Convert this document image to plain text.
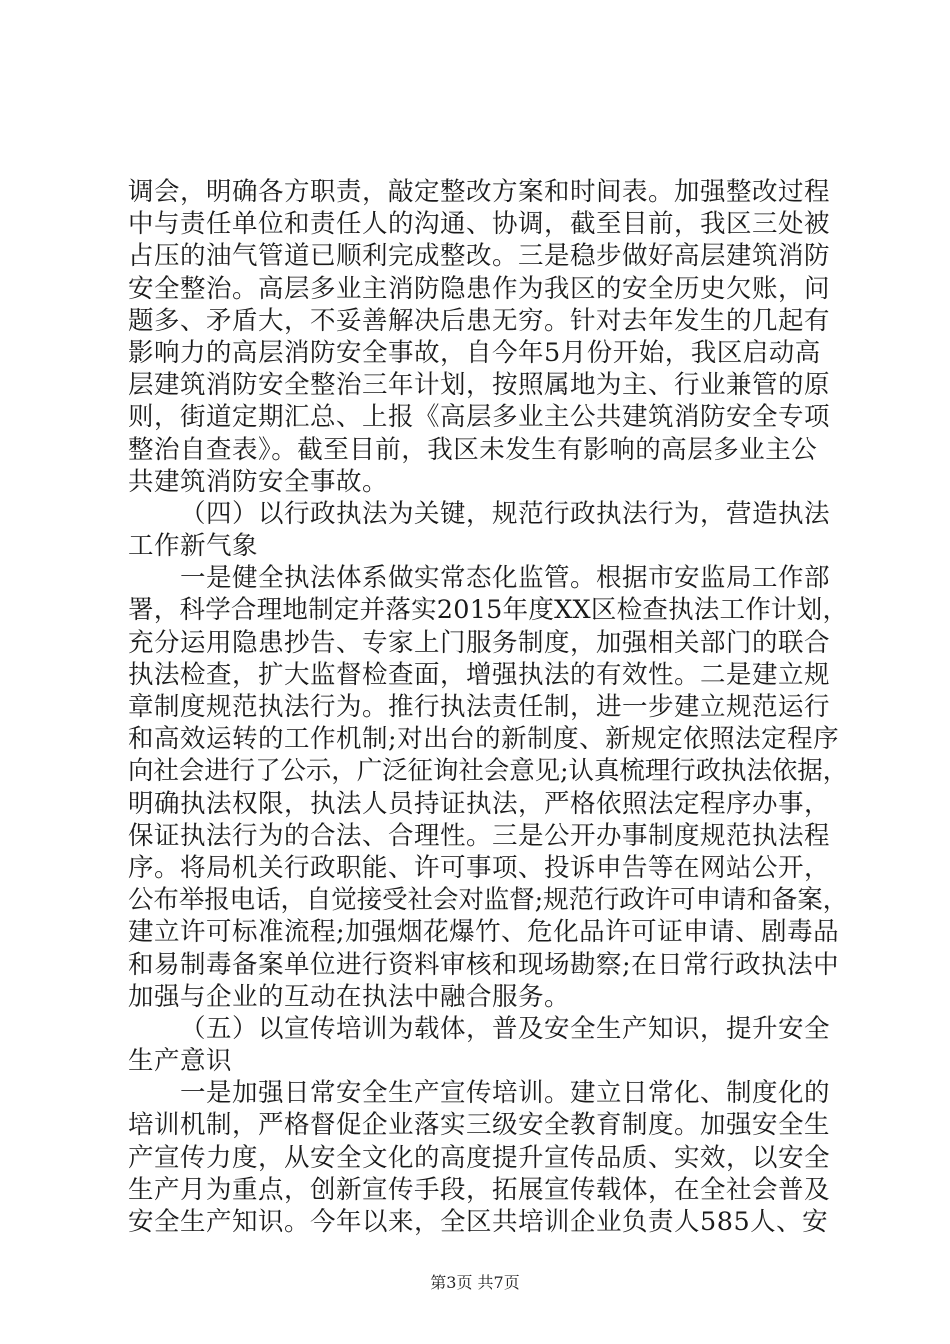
调会，明确各方职责，敲定整改方案和时间表。加强整改过程
中与责任单位和责任人的沟通、协调，截至目前，我区三处被
占压的油气管道已顺利完成整改。三是稳步做好高层建筑消防
安全整治。高层多业主消防隐患作为我区的安全历史欠账，问
题多、矛盾大，不妥善解决后患无穷。针对去年发生的几起有
影响力的高层消防安全事故，自今年5月份开始，我区启动高
层建筑消防安全整治三年计划，按照属地为主、行业兼管的原
则，街道定期汇总、上报《高层多业主公共建筑消防安全专项
整治自查表》。截至目前，我区未发生有影响的高层多业主公
共建筑消防安全事故。
（四）以行政执法为关键，规范行政执法行为，营造执法
工作新气象
一是健全执法体系做实常态化监管。根据市安监局工作部
署，科学合理地制定并落实2015年度XX区检查执法工作计划，
充分运用隐患抄告、专家上门服务制度，加强相关部门的联合
执法检查，扩大监督检查面，增强执法的有效性。二是建立规
章制度规范执法行为。推行执法责任制，进一步建立规范运行
和高效运转的工作机制;对出台的新制度、新规定依照法定程序
向社会进行了公示，广泛征询社会意见;认真梳理行政执法依据，
明确执法权限，执法人员持证执法，严格依照法定程序办事，
保证执法行为的合法、合理性。三是公开办事制度规范执法程
序。将局机关行政职能、许可事项、投诉申告等在网站公开，
公布举报电话，自觉接受社会对监督;规范行政许可申请和备案，
建立许可标准流程;加强烟花爆竹、危化品许可证申请、剧毒品
和易制毒备案单位进行资料审核和现场勘察;在日常行政执法中
加强与企业的互动在执法中融合服务。
（五）以宣传培训为载体，普及安全生产知识，提升安全
生产意识
一是加强日常安全生产宣传培训。建立日常化、制度化的
培训机制，严格督促企业落实三级安全教育制度。加强安全生
产宣传力度，从安全文化的高度提升宣传品质、实效，以安全
生产月为重点，创新宣传手段，拓展宣传载体，在全社会普及
安全生产知识。今年以来，全区共培训企业负责人585人、安
第3页 共7页
